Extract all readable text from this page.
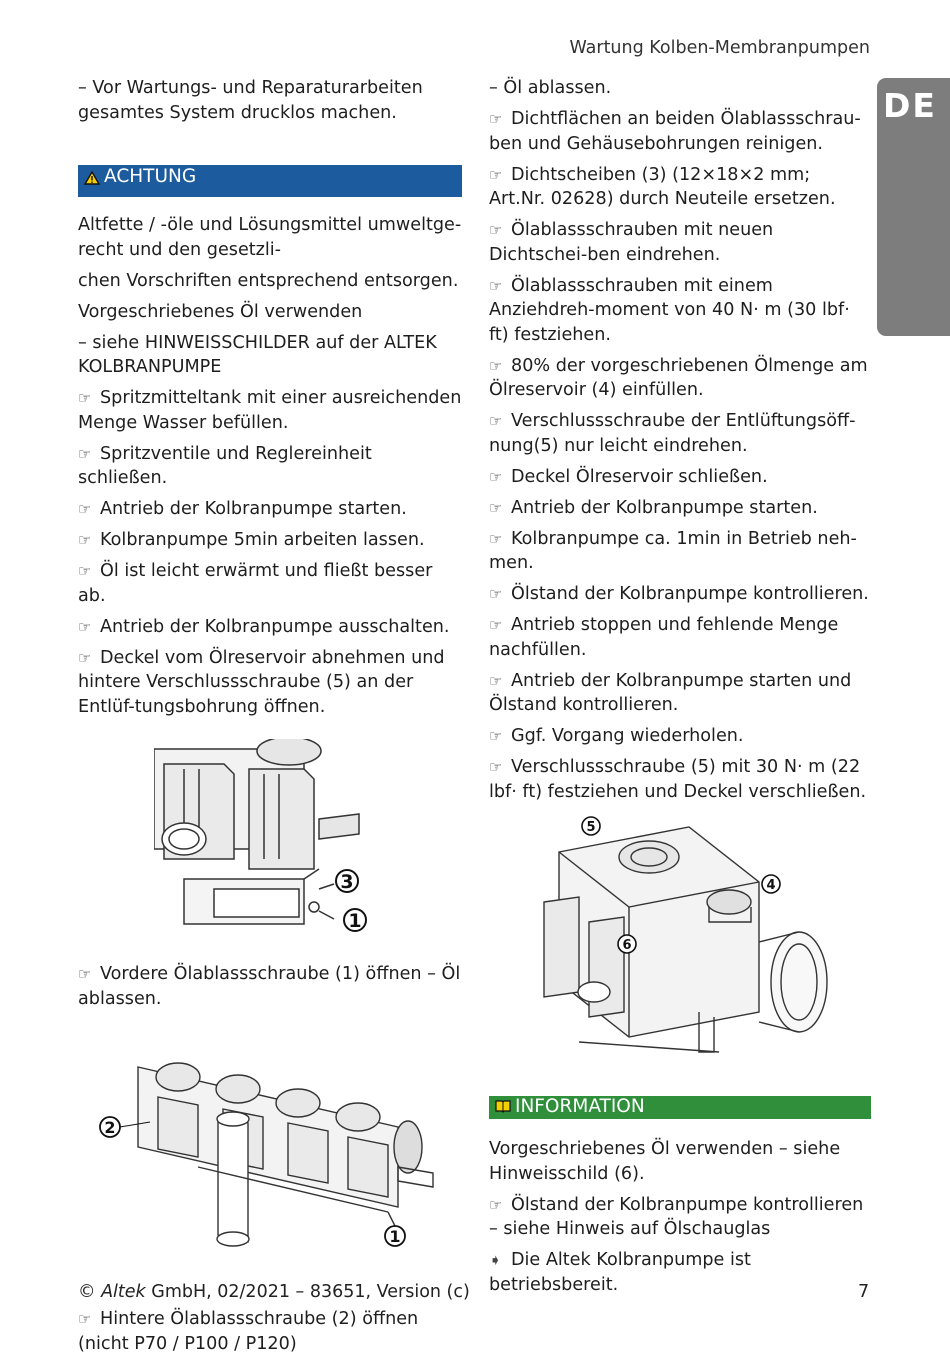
Wartung Kolben-Membranpumpen
DE

– Vor Wartungs- und Reparaturarbeiten gesamtes System drucklos machen.

ACHTUNG

Altfette / -öle und Lösungsmittel umweltge-recht und den gesetzli-

chen Vorschriften entsprechend entsorgen.

Vorgeschriebenes Öl verwenden

– siehe HINWEISSCHILDER auf der ALTEK KOLBRANPUMPE

☞ Spritzmitteltank mit einer ausreichenden Menge Wasser befüllen.

☞ Spritzventile und Reglereinheit schließen.

☞ Antrieb der Kolbranpumpe starten.

☞ Kolbranpumpe 5min arbeiten lassen.

☞ Öl ist leicht erwärmt und fließt besser ab.

☞ Antrieb der Kolbranpumpe ausschalten.

☞ Deckel vom Ölreservoir abnehmen und hintere Verschlussschraube (5) an der Entlüf-tungsbohrung öffnen.

3
1

☞ Vordere Ölablassschraube (1) öffnen – Öl ablassen.

2
1

☞ Hintere Ölablassschraube (2) öffnen (nicht P70 / P100 / P120)

– Öl ablassen.

☞ Dichtflächen an beiden Ölablassschrau-ben und Gehäusebohrungen reinigen.

☞ Dichtscheiben (3) (12×18×2 mm; Art.Nr. 02628) durch Neuteile ersetzen.

☞ Ölablassschrauben mit neuen Dichtschei-ben eindrehen.

☞ Ölablassschrauben mit einem Anziehdreh-moment von 40 N· m (30 lbf· ft) festziehen.

☞ 80% der vorgeschriebenen Ölmenge am Ölreservoir (4) einfüllen.

☞ Verschlussschraube der Entlüftungsöff-nung(5) nur leicht eindrehen.

☞ Deckel Ölreservoir schließen.

☞ Antrieb der Kolbranpumpe starten.

☞ Kolbranpumpe ca. 1min in Betrieb neh-men.

☞ Ölstand der Kolbranpumpe kontrollieren.

☞ Antrieb stoppen und fehlende Menge nachfüllen.

☞ Antrieb der Kolbranpumpe starten und Ölstand kontrollieren.

☞ Ggf. Vorgang wiederholen.

☞ Verschlussschraube (5) mit 30 N· m (22 lbf· ft) festziehen und Deckel verschließen.

5
4
6
INFORMATION

Vorgeschriebenes Öl verwenden – siehe Hinweisschild (6).

☞ Ölstand der Kolbranpumpe kontrollieren – siehe Hinweis auf Ölschauglas

➧ Die Altek Kolbranpumpe ist betriebsbereit.

© Altek GmbH, 02/2021 – 83651, Version (c)	7
